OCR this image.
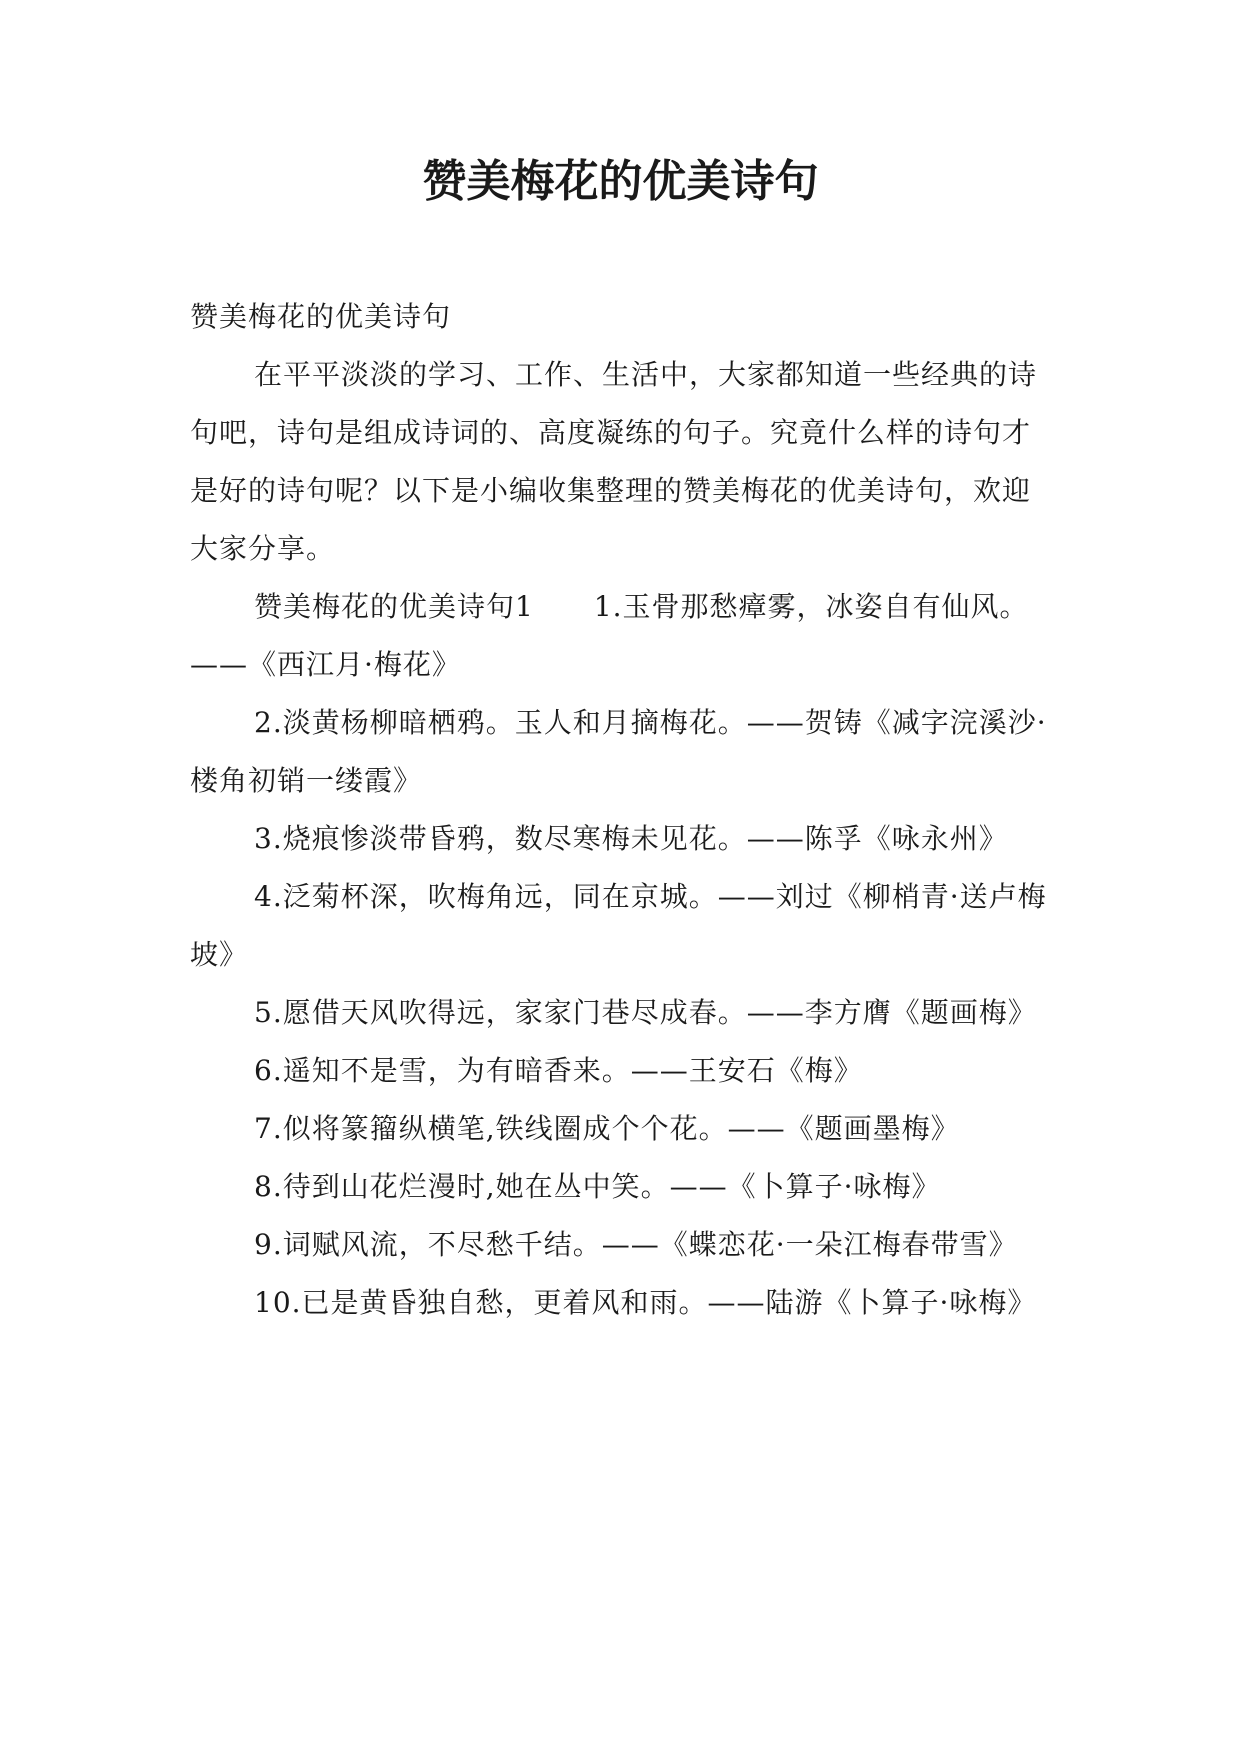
赞美梅花的优美诗句

赞美梅花的优美诗句

在平平淡淡的学习、工作、生活中，大家都知道一些经典的诗句吧，诗句是组成诗词的、高度凝练的句子。究竟什么样的诗句才是好的诗句呢？以下是小编收集整理的赞美梅花的优美诗句，欢迎大家分享。

赞美梅花的优美诗句1 1.玉骨那愁瘴雾，冰姿自有仙风。——《西江月·梅花》

2.淡黄杨柳暗栖鸦。玉人和月摘梅花。——贺铸《减字浣溪沙·楼角初销一缕霞》

3.烧痕惨淡带昏鸦，数尽寒梅未见花。——陈孚《咏永州》

4.泛菊杯深，吹梅角远，同在京城。——刘过《柳梢青·送卢梅坡》

5.愿借天风吹得远，家家门巷尽成春。——李方膺《题画梅》

6.遥知不是雪，为有暗香来。——王安石《梅》

7.似将篆籀纵横笔,铁线圈成个个花。——《题画墨梅》

8.待到山花烂漫时,她在丛中笑。——《卜算子·咏梅》

9.词赋风流，不尽愁千结。——《蝶恋花·一朵江梅春带雪》

10.已是黄昏独自愁，更着风和雨。——陆游《卜算子·咏梅》
